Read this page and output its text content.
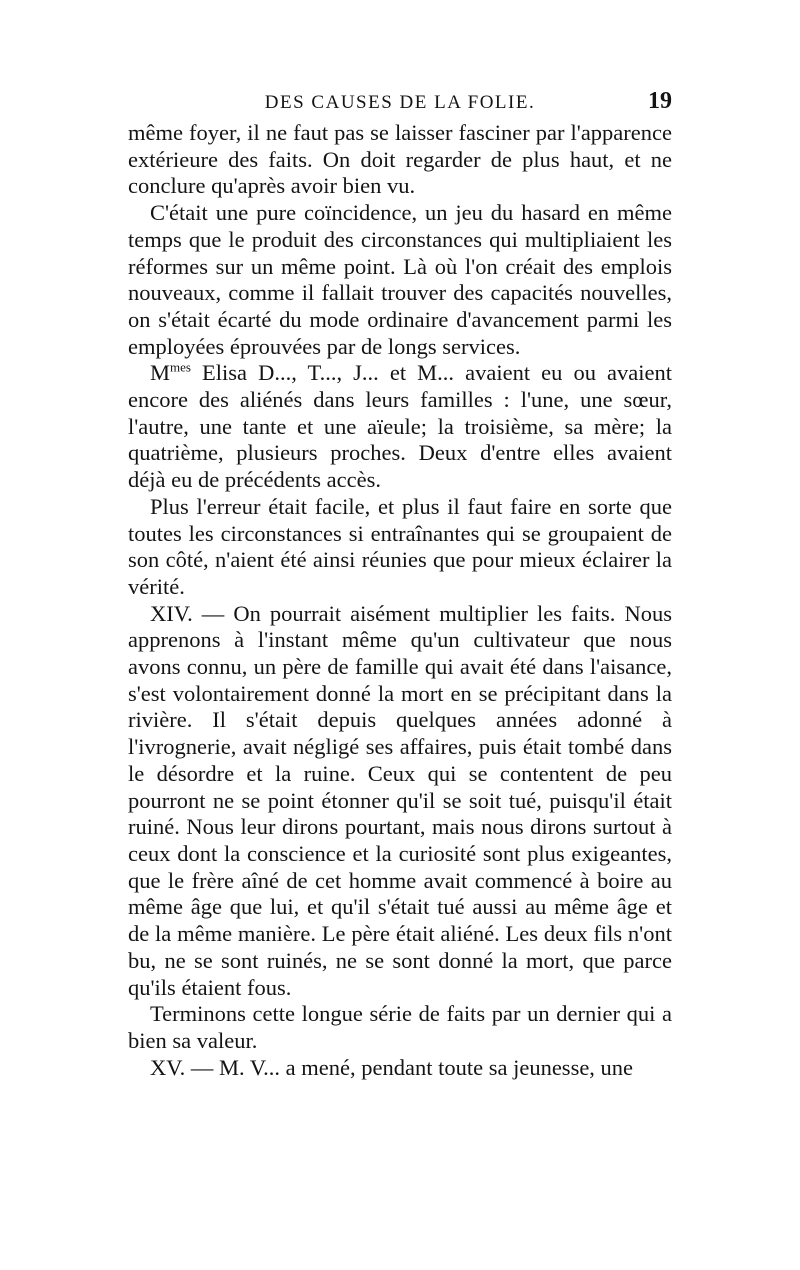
DES CAUSES DE LA FOLIE.	19

même foyer, il ne faut pas se laisser fasciner par l'apparence extérieure des faits. On doit regarder de plus haut, et ne conclure qu'après avoir bien vu.

C'était une pure coïncidence, un jeu du hasard en même temps que le produit des circonstances qui multipliaient les réformes sur un même point. Là où l'on créait des emplois nouveaux, comme il fallait trouver des capacités nouvelles, on s'était écarté du mode ordinaire d'avancement parmi les employées éprouvées par de longs services.

$M^{mes}$ Elisa D..., T..., J... et M... avaient eu ou avaient encore des aliénés dans leurs familles : l'une, une sœur, l'autre, une tante et une aïeule; la troisième, sa mère; la quatrième, plusieurs proches. Deux d'entre elles avaient déjà eu de précédents accès.

Plus l'erreur était facile, et plus il faut faire en sorte que toutes les circonstances si entraînantes qui se groupaient de son côté, n'aient été ainsi réunies que pour mieux éclairer la vérité.

XIV. — On pourrait aisément multiplier les faits. Nous apprenons à l'instant même qu'un cultivateur que nous avons connu, un père de famille qui avait été dans l'aisance, s'est volontairement donné la mort en se précipitant dans la rivière. Il s'était depuis quelques années adonné à l'ivrognerie, avait négligé ses affaires, puis était tombé dans le désordre et la ruine. Ceux qui se contentent de peu pourront ne se point étonner qu'il se soit tué, puisqu'il était ruiné. Nous leur dirons pourtant, mais nous dirons surtout à ceux dont la conscience et la curiosité sont plus exigeantes, que le frère aîné de cet homme avait commencé à boire au même âge que lui, et qu'il s'était tué aussi au même âge et de la même manière. Le père était aliéné. Les deux fils n'ont bu, ne se sont ruinés, ne se sont donné la mort, que parce qu'ils étaient fous.

Terminons cette longue série de faits par un dernier qui a bien sa valeur.

XV. — M. V... a mené, pendant toute sa jeunesse, une
